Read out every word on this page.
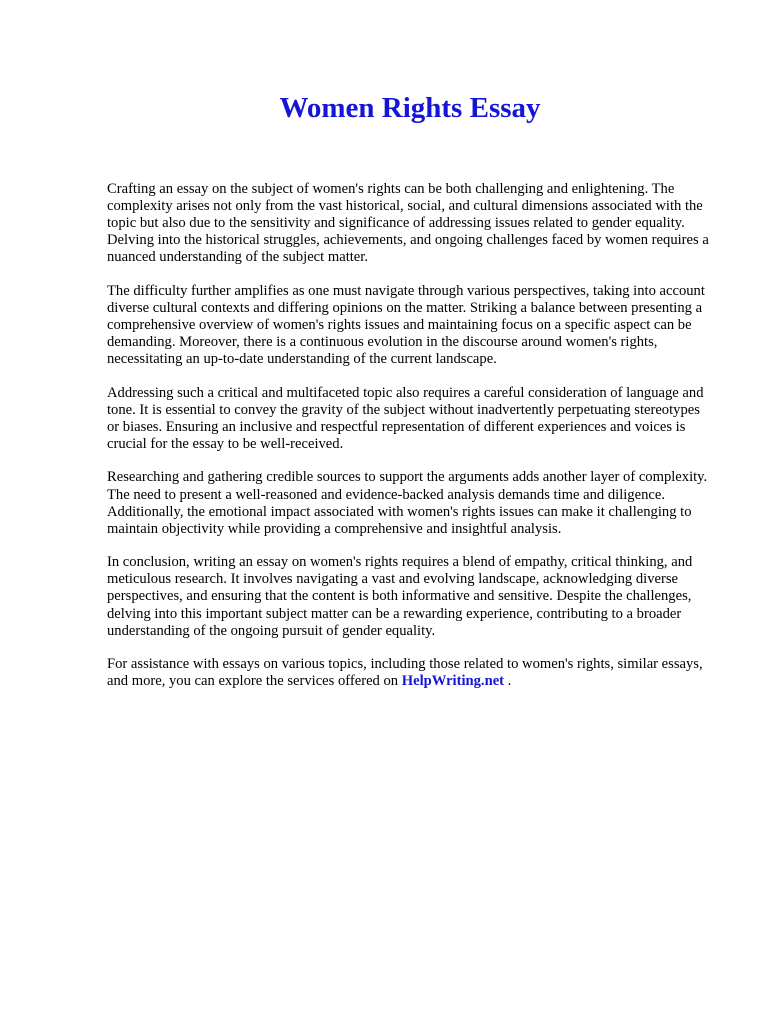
Women Rights Essay

Crafting an essay on the subject of women's rights can be both challenging and enlightening. The complexity arises not only from the vast historical, social, and cultural dimensions associated with the topic but also due to the sensitivity and significance of addressing issues related to gender equality. Delving into the historical struggles, achievements, and ongoing challenges faced by women requires a nuanced understanding of the subject matter.

The difficulty further amplifies as one must navigate through various perspectives, taking into account diverse cultural contexts and differing opinions on the matter. Striking a balance between presenting a comprehensive overview of women's rights issues and maintaining focus on a specific aspect can be demanding. Moreover, there is a continuous evolution in the discourse around women's rights, necessitating an up-to-date understanding of the current landscape.

Addressing such a critical and multifaceted topic also requires a careful consideration of language and tone. It is essential to convey the gravity of the subject without inadvertently perpetuating stereotypes or biases. Ensuring an inclusive and respectful representation of different experiences and voices is crucial for the essay to be well-received.

Researching and gathering credible sources to support the arguments adds another layer of complexity. The need to present a well-reasoned and evidence-backed analysis demands time and diligence. Additionally, the emotional impact associated with women's rights issues can make it challenging to maintain objectivity while providing a comprehensive and insightful analysis.

In conclusion, writing an essay on women's rights requires a blend of empathy, critical thinking, and meticulous research. It involves navigating a vast and evolving landscape, acknowledging diverse perspectives, and ensuring that the content is both informative and sensitive. Despite the challenges, delving into this important subject matter can be a rewarding experience, contributing to a broader understanding of the ongoing pursuit of gender equality.

For assistance with essays on various topics, including those related to women's rights, similar essays, and more, you can explore the services offered on HelpWriting.net .
